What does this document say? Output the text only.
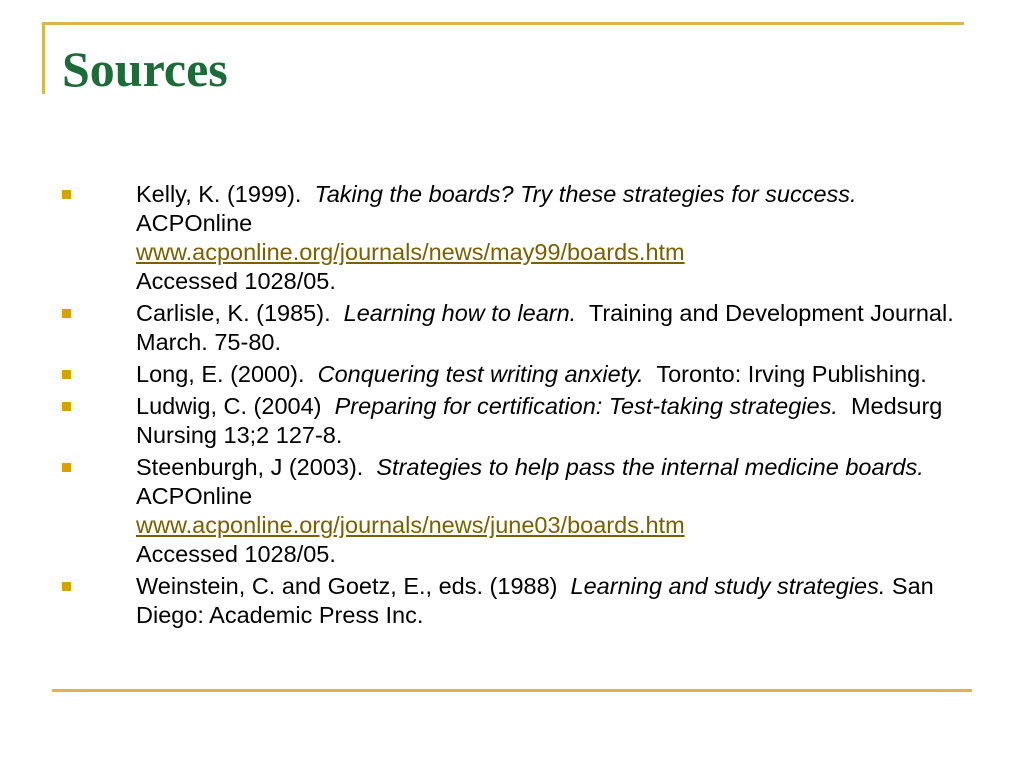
Sources
Kelly, K. (1999). Taking the boards? Try these strategies for success.  ACPOnline
www.acponline.org/journals/news/may99/boards.htm
Accessed 1028/05.
Carlisle, K. (1985). Learning how to learn. Training and Development Journal. March. 75-80.
Long, E. (2000). Conquering test writing anxiety. Toronto: Irving Publishing.
Ludwig, C. (2004) Preparing for certification: Test-taking strategies. Medsurg Nursing 13;2 127-8.
Steenburgh, J (2003). Strategies to help pass the internal medicine boards.  ACPOnline
www.acponline.org/journals/news/june03/boards.htm
Accessed 1028/05.
Weinstein, C. and Goetz, E., eds. (1988) Learning and study strategies. San Diego: Academic Press Inc.
